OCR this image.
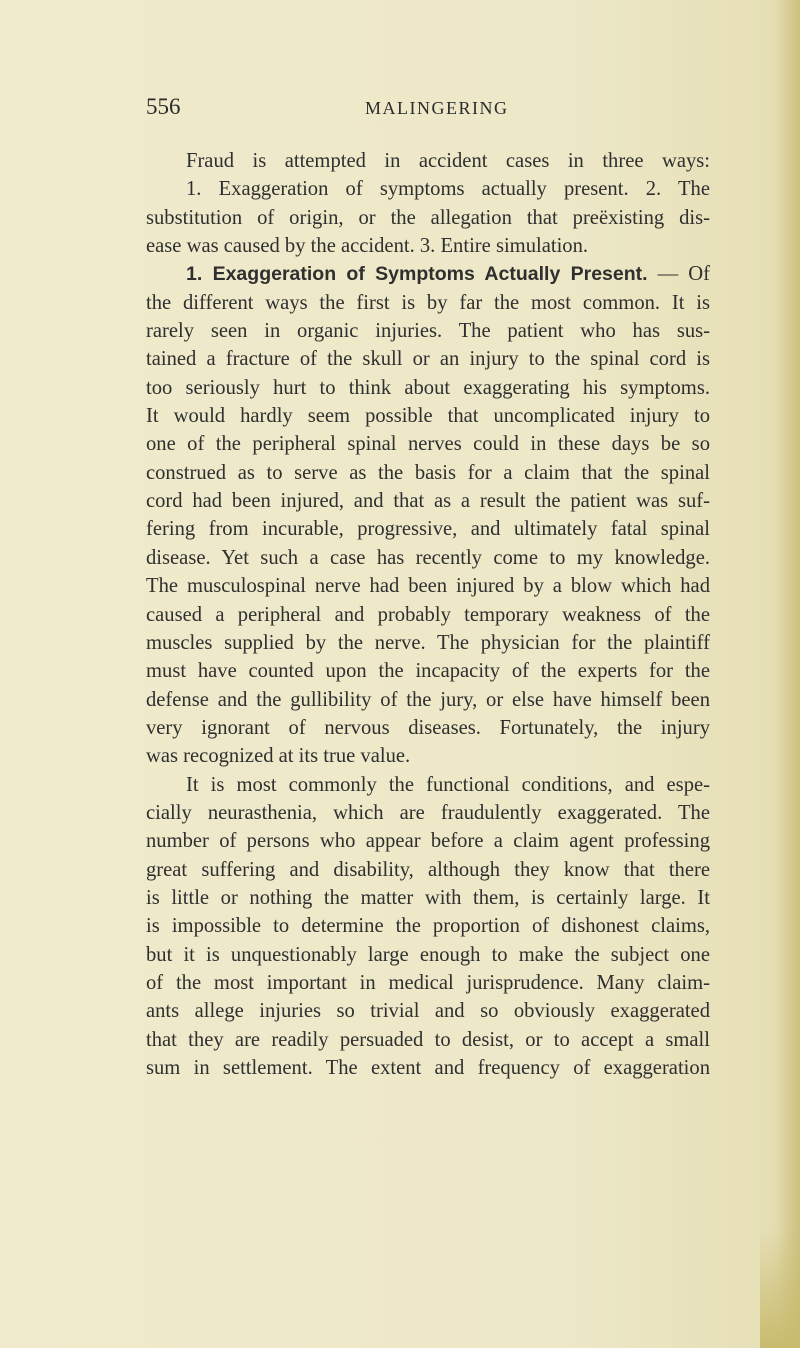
556	MALINGERING
Fraud is attempted in accident cases in three ways:
1. Exaggeration of symptoms actually present. 2. The
substitution of origin, or the allegation that preëxisting dis-
ease was caused by the accident. 3. Entire simulation.
1. Exaggeration of Symptoms Actually Present. — Of
the different ways the first is by far the most common. It is
rarely seen in organic injuries. The patient who has sus-
tained a fracture of the skull or an injury to the spinal cord is
too seriously hurt to think about exaggerating his symptoms.
It would hardly seem possible that uncomplicated injury to
one of the peripheral spinal nerves could in these days be so
construed as to serve as the basis for a claim that the spinal
cord had been injured, and that as a result the patient was suf-
fering from incurable, progressive, and ultimately fatal spinal
disease. Yet such a case has recently come to my knowledge.
The musculospinal nerve had been injured by a blow which had
caused a peripheral and probably temporary weakness of the
muscles supplied by the nerve. The physician for the plaintiff
must have counted upon the incapacity of the experts for the
defense and the gullibility of the jury, or else have himself been
very ignorant of nervous diseases. Fortunately, the injury
was recognized at its true value.
It is most commonly the functional conditions, and espe-
cially neurasthenia, which are fraudulently exaggerated. The
number of persons who appear before a claim agent professing
great suffering and disability, although they know that there
is little or nothing the matter with them, is certainly large. It
is impossible to determine the proportion of dishonest claims,
but it is unquestionably large enough to make the subject one
of the most important in medical jurisprudence. Many claim-
ants allege injuries so trivial and so obviously exaggerated
that they are readily persuaded to desist, or to accept a small
sum in settlement. The extent and frequency of exaggeration
